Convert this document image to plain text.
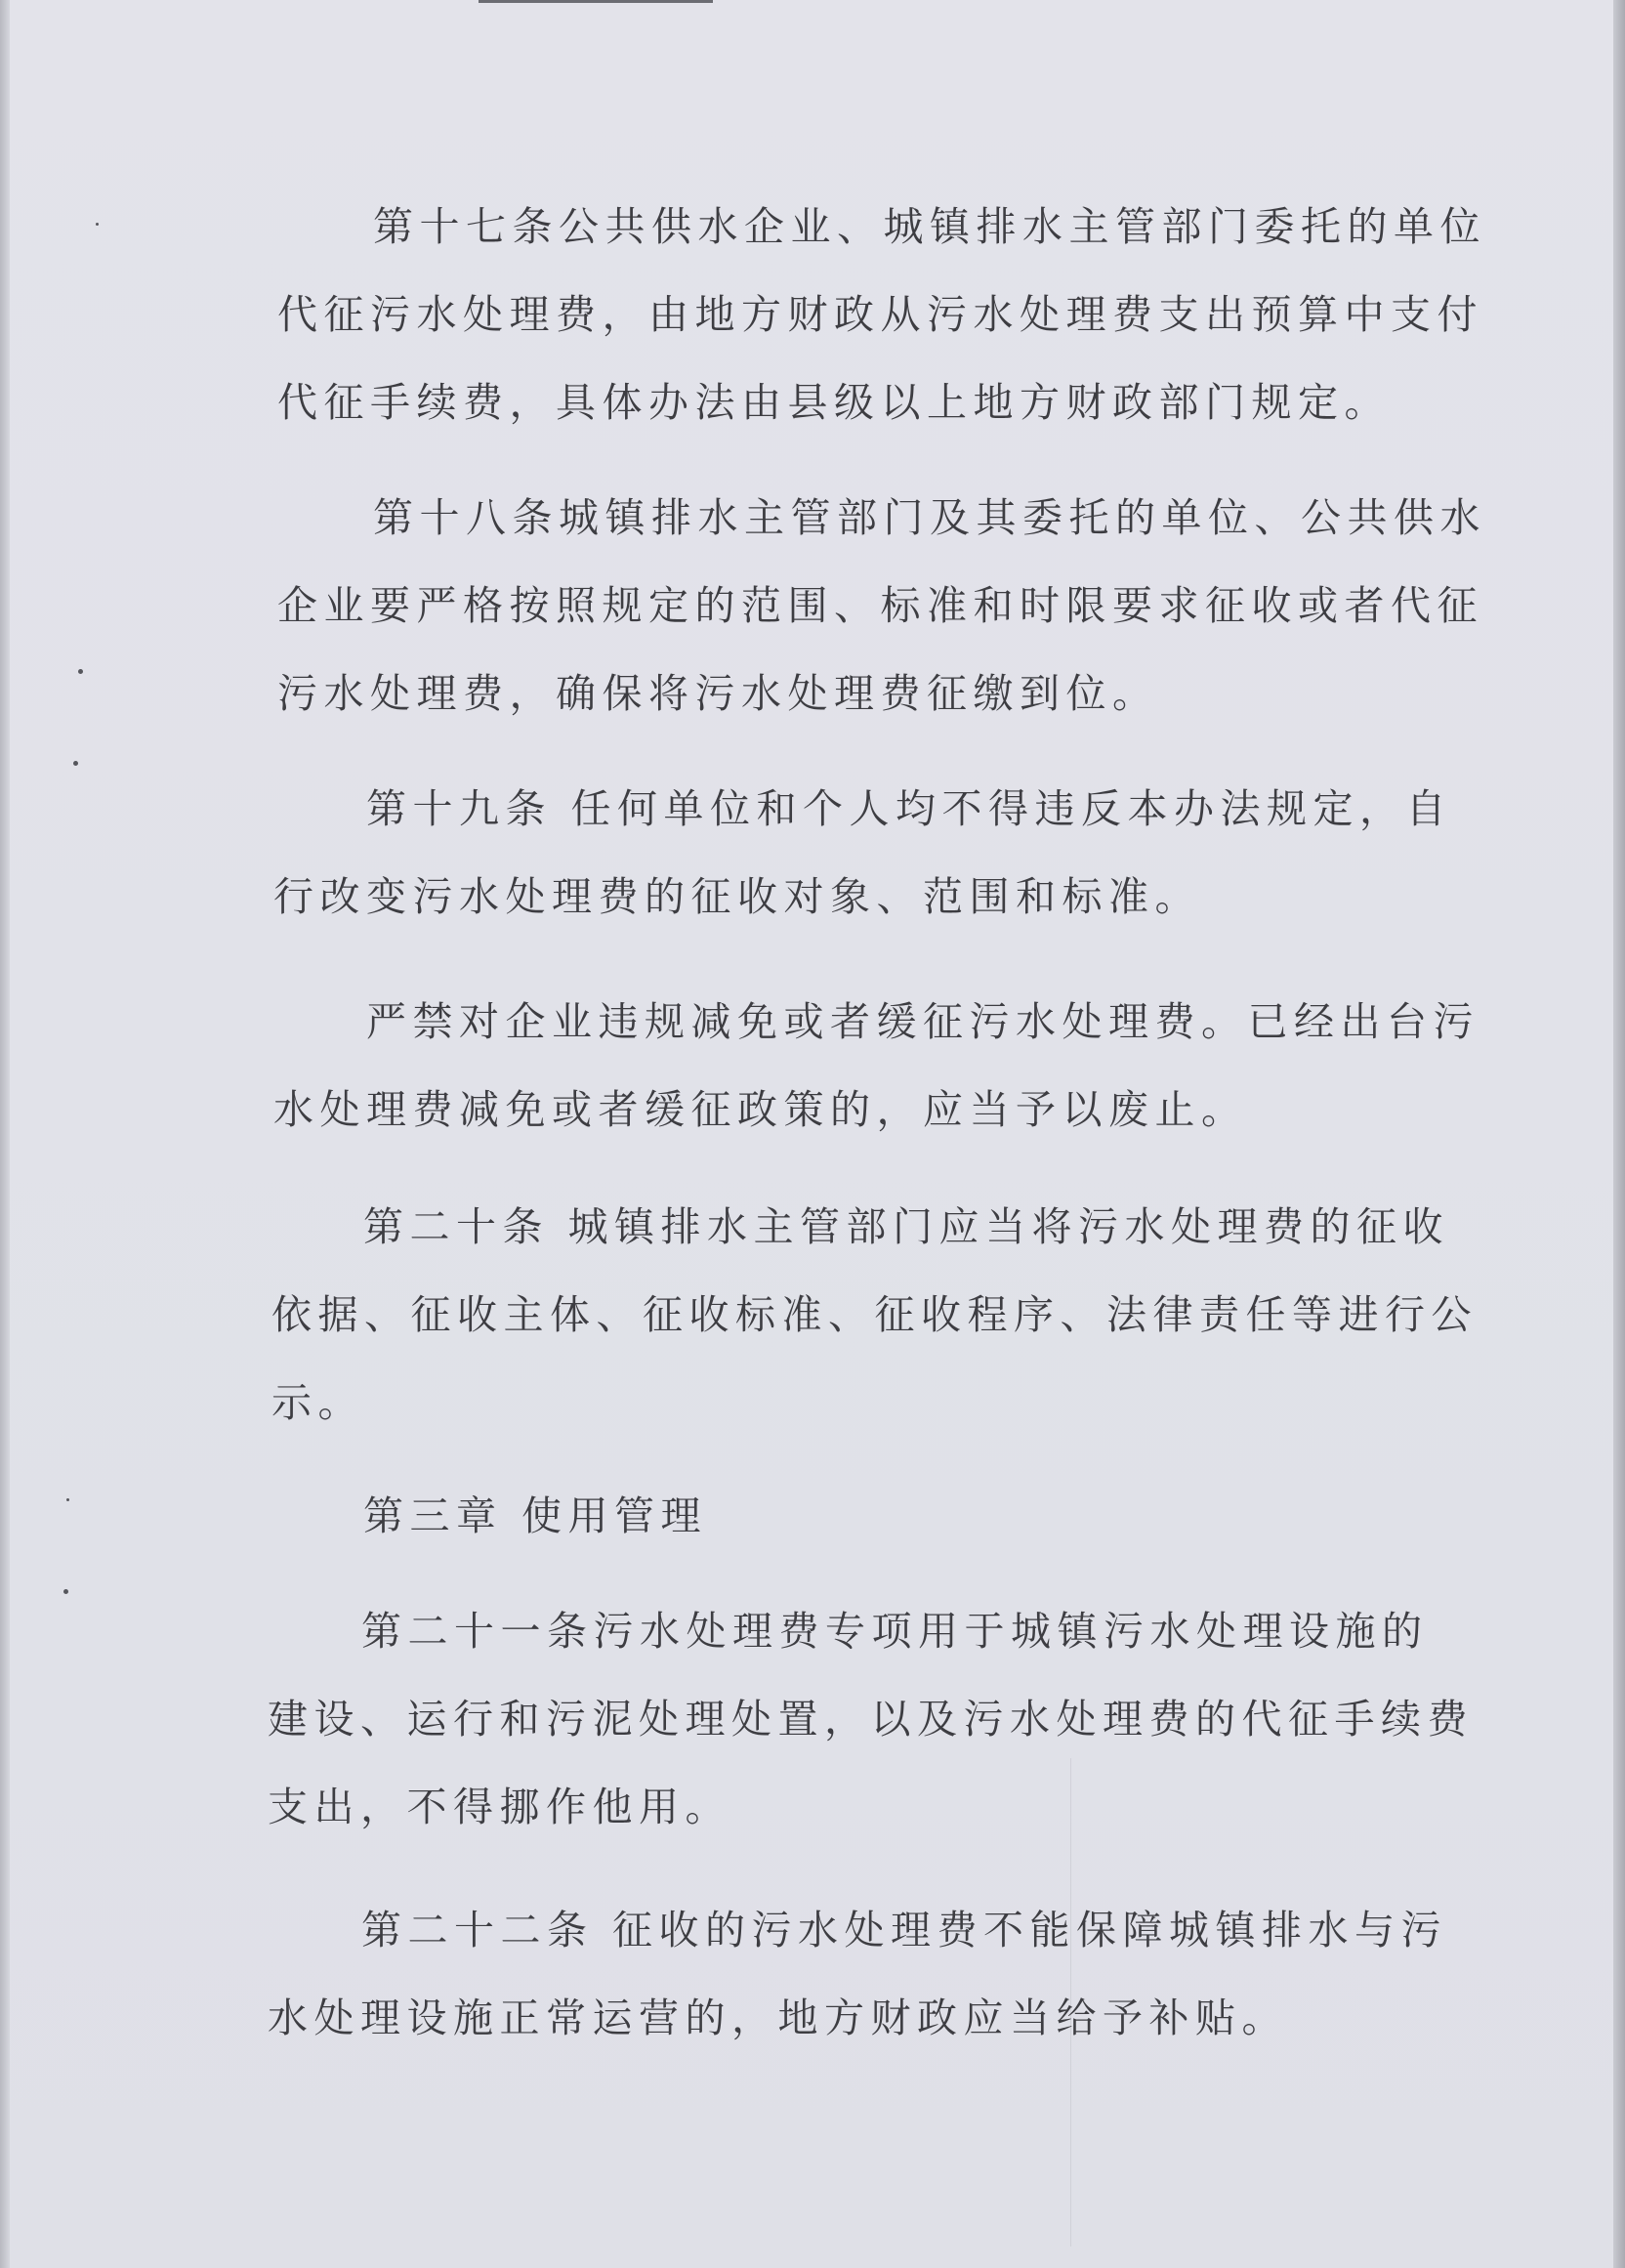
第十七条公共供水企业、城镇排水主管部门委托的单位
代征污水处理费，由地方财政从污水处理费支出预算中支付
代征手续费，具体办法由县级以上地方财政部门规定。
第十八条城镇排水主管部门及其委托的单位、公共供水
企业要严格按照规定的范围、标准和时限要求征收或者代征
污水处理费，确保将污水处理费征缴到位。
第十九条 任何单位和个人均不得违反本办法规定，自
行改变污水处理费的征收对象、范围和标准。
严禁对企业违规减免或者缓征污水处理费。已经出台污
水处理费减免或者缓征政策的，应当予以废止。
第二十条 城镇排水主管部门应当将污水处理费的征收
依据、征收主体、征收标准、征收程序、法律责任等进行公
示。
第三章 使用管理
第二十一条污水处理费专项用于城镇污水处理设施的
建设、运行和污泥处理处置，以及污水处理费的代征手续费
支出，不得挪作他用。
第二十二条 征收的污水处理费不能保障城镇排水与污
水处理设施正常运营的，地方财政应当给予补贴。
